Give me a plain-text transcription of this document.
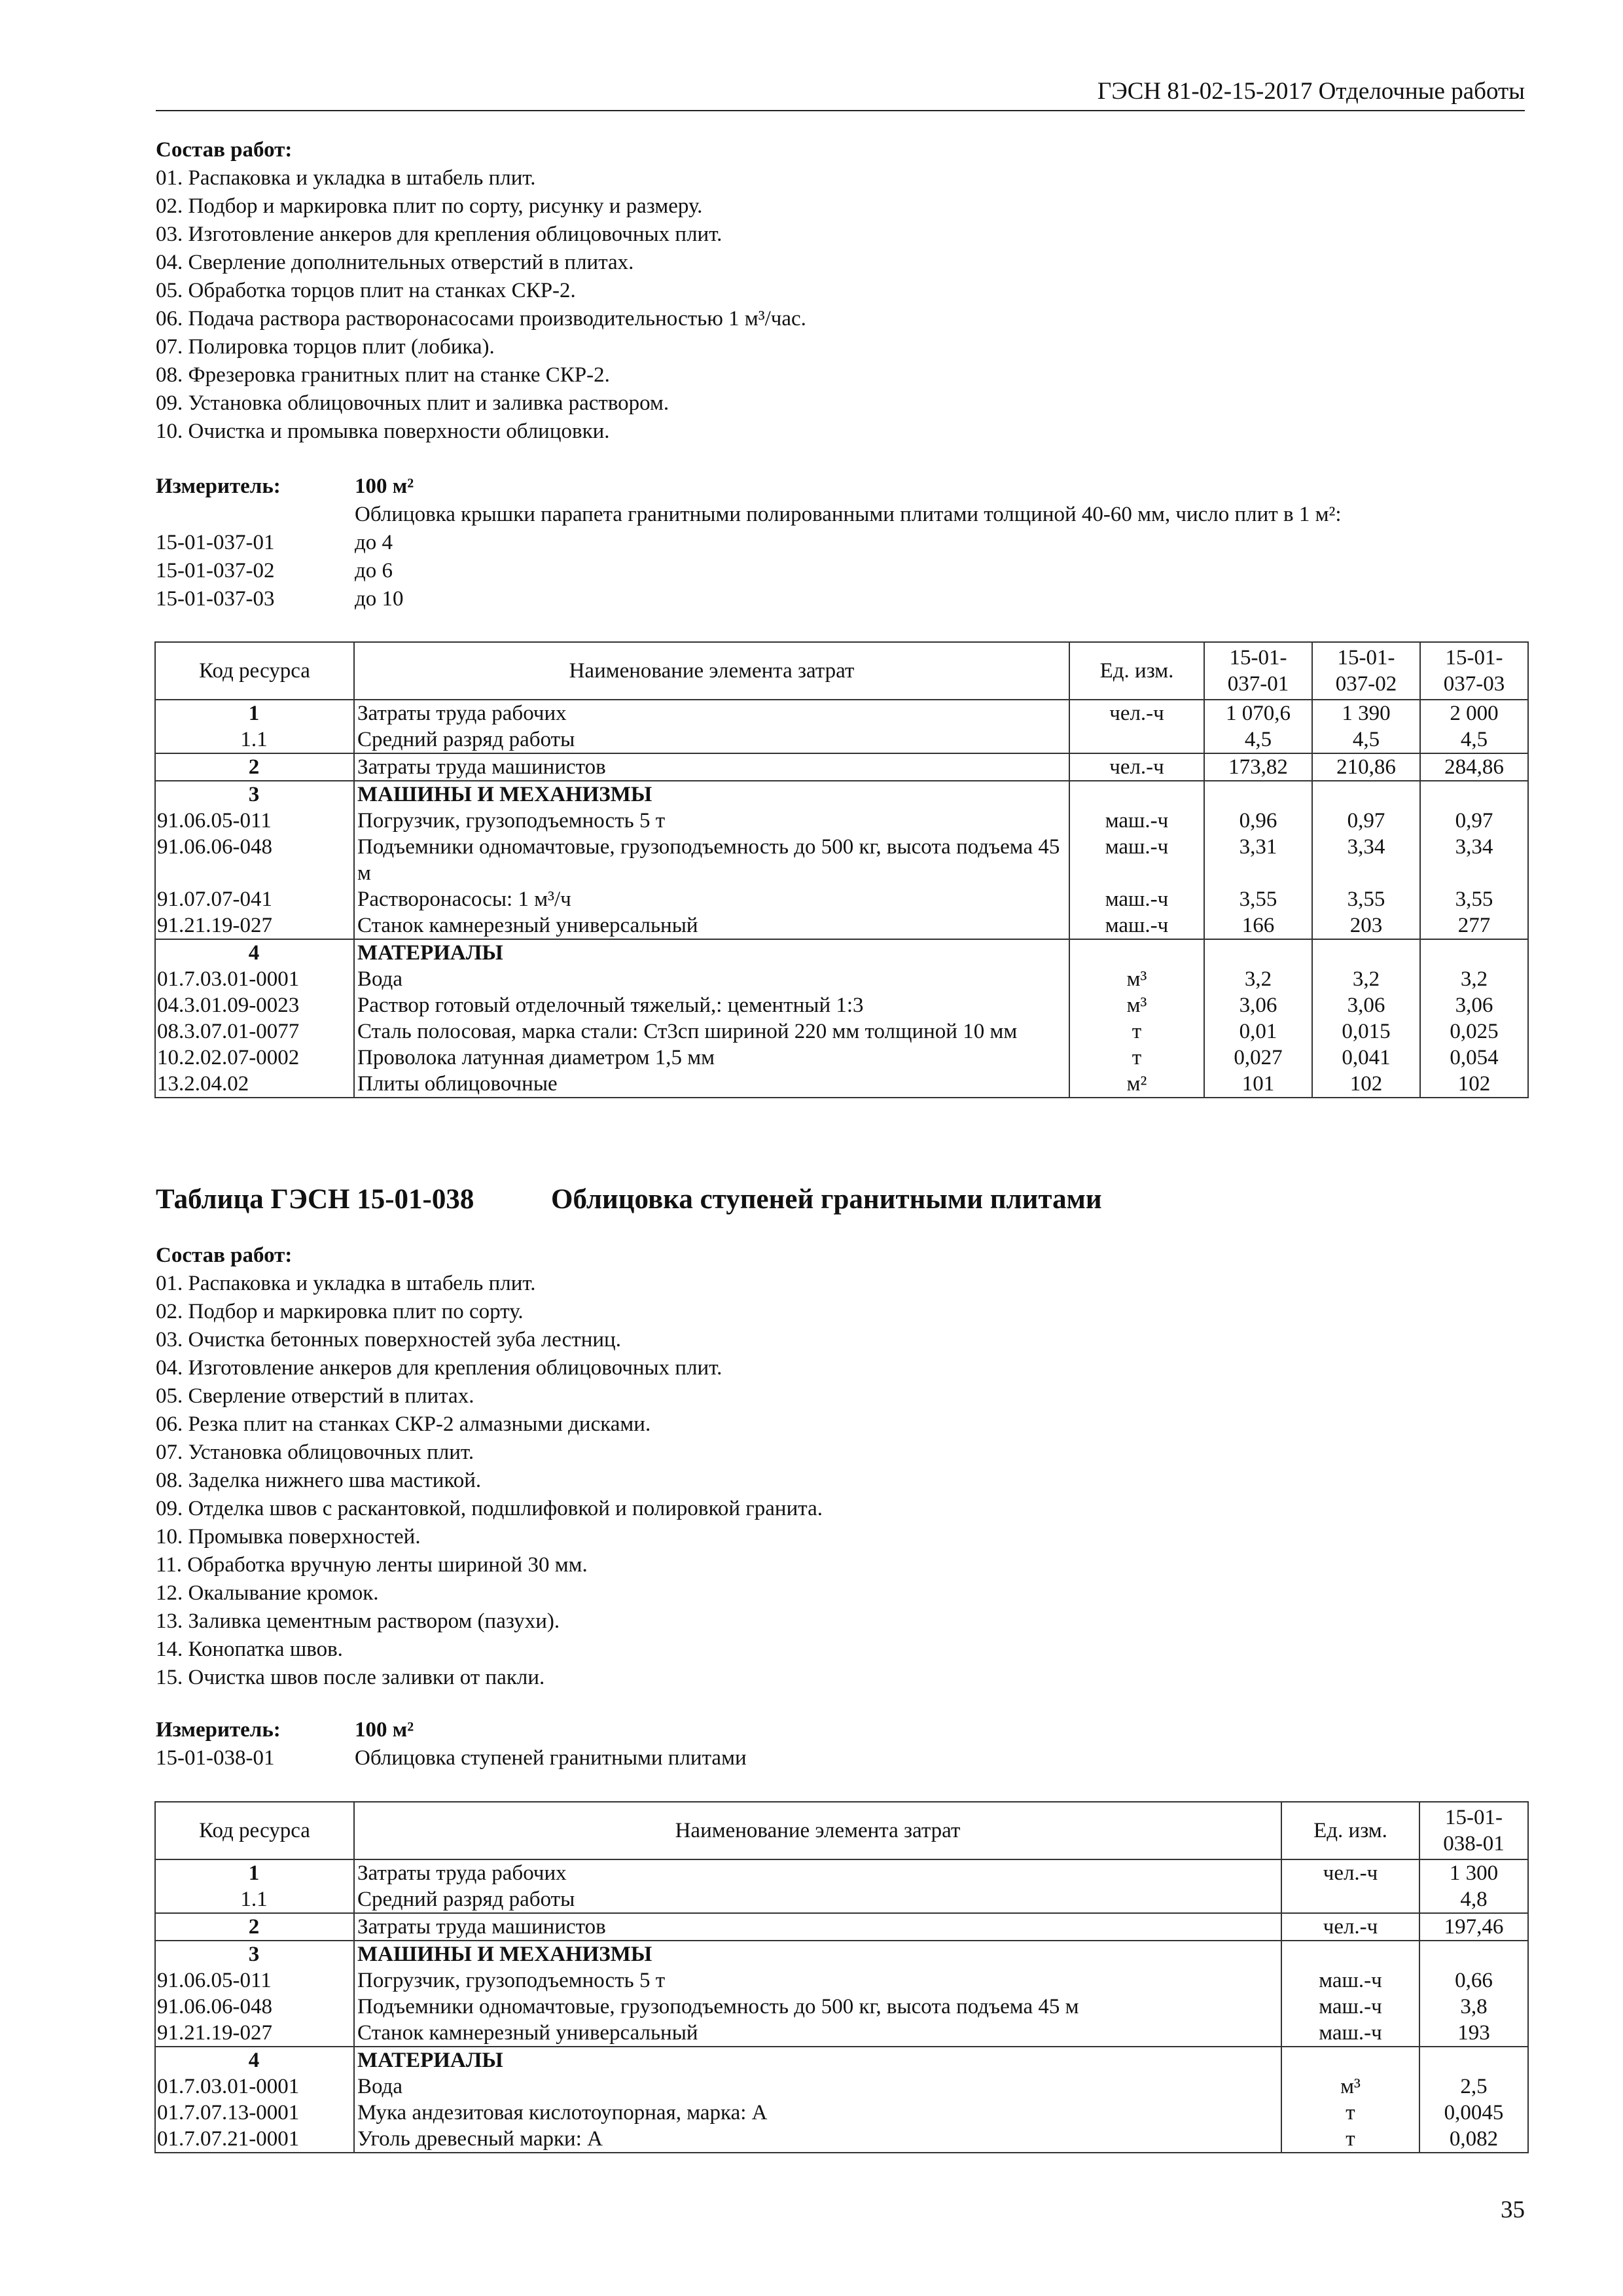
ГЭСН 81-02-15-2017 Отделочные работы
Состав работ:
01. Распаковка и укладка в штабель плит.
02. Подбор и маркировка плит по сорту, рисунку и размеру.
03. Изготовление анкеров для крепления облицовочных плит.
04. Сверление дополнительных отверстий в плитах.
05. Обработка торцов плит на станках СКР-2.
06. Подача раствора растворонасосами производительностью 1 м³/час.
07. Полировка торцов плит (лобика).
08. Фрезеровка гранитных плит на станке СКР-2.
09. Установка облицовочных плит и заливка раствором.
10. Очистка и промывка поверхности облицовки.
Измеритель:	100 м²
Облицовка крышки парапета гранитными полированными плитами толщиной 40-60 мм, число плит в 1 м²:
15-01-037-01	до 4
15-01-037-02	до 6
15-01-037-03	до 10
Код ресурса	Наименование элемента затрат	Ед. изм.	15-01-
037-01	15-01-
037-02	15-01-
037-03
1	Затраты труда рабочих	чел.-ч	1 070,6	1 390	2 000
1.1	Средний разряд работы		4,5	4,5	4,5
2	Затраты труда машинистов	чел.-ч	173,82	210,86	284,86
3	МАШИНЫ И МЕХАНИЗМЫ				
91.06.05-011	Погрузчик, грузоподъемность 5 т	маш.-ч	0,96	0,97	0,97
91.06.06-048	Подъемники одномачтовые, грузоподъемность до 500 кг, высота подъема 45 м	маш.-ч	3,31	3,34	3,34
91.07.07-041	Растворонасосы: 1 м³/ч	маш.-ч	3,55	3,55	3,55
91.21.19-027	Станок камнерезный универсальный	маш.-ч	166	203	277
4	МАТЕРИАЛЫ				
01.7.03.01-0001	Вода	м³	3,2	3,2	3,2
04.3.01.09-0023	Раствор готовый отделочный тяжелый,: цементный 1:3	м³	3,06	3,06	3,06
08.3.07.01-0077	Сталь полосовая, марка стали: Ст3сп шириной 220 мм толщиной 10 мм	т	0,01	0,015	0,025
10.2.02.07-0002	Проволока латунная диаметром 1,5 мм	т	0,027	0,041	0,054
13.2.04.02	Плиты облицовочные	м²	101	102	102
Таблица ГЭСН 15-01-038	Облицовка ступеней гранитными плитами
Состав работ:
01. Распаковка и укладка в штабель плит.
02. Подбор и маркировка плит по сорту.
03. Очистка бетонных поверхностей зуба лестниц.
04. Изготовление анкеров для крепления облицовочных плит.
05. Сверление отверстий в плитах.
06. Резка плит на станках СКР-2 алмазными дисками.
07. Установка облицовочных плит.
08. Заделка нижнего шва мастикой.
09. Отделка швов с раскантовкой, подшлифовкой и полировкой гранита.
10. Промывка поверхностей.
11. Обработка вручную ленты шириной 30 мм.
12. Окалывание кромок.
13. Заливка цементным раствором (пазухи).
14. Конопатка швов.
15. Очистка швов после заливки от пакли.
Измеритель:	100 м²
15-01-038-01	Облицовка ступеней гранитными плитами
Код ресурса	Наименование элемента затрат	Ед. изм.	15-01-
038-01
1	Затраты труда рабочих	чел.-ч	1 300
1.1	Средний разряд работы		4,8
2	Затраты труда машинистов	чел.-ч	197,46
3	МАШИНЫ И МЕХАНИЗМЫ		
91.06.05-011	Погрузчик, грузоподъемность 5 т	маш.-ч	0,66
91.06.06-048	Подъемники одномачтовые, грузоподъемность до 500 кг, высота подъема 45 м	маш.-ч	3,8
91.21.19-027	Станок камнерезный универсальный	маш.-ч	193
4	МАТЕРИАЛЫ		
01.7.03.01-0001	Вода	м³	2,5
01.7.07.13-0001	Мука андезитовая кислотоупорная, марка: А	т	0,0045
01.7.07.21-0001	Уголь древесный марки: А	т	0,082
35
